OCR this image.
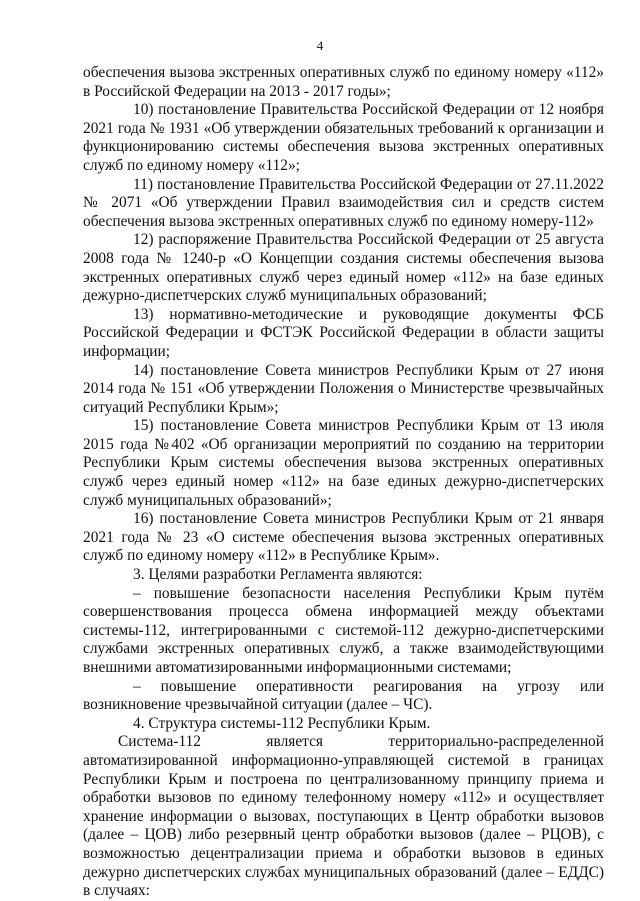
4

обеспечения вызова экстренных оперативных служб по единому номеру «112» в Российской Федерации на 2013 - 2017 годы»;

10) постановление Правительства Российской Федерации от 12 ноября 2021 года № 1931 «Об утверждении обязательных требований к организации и функционированию системы обеспечения вызова экстренных оперативных служб по единому номеру «112»;

11) постановление Правительства Российской Федерации от 27.11.2022 № 2071 «Об утверждении Правил взаимодействия сил и средств систем обеспечения вызова экстренных оперативных служб по единому номеру-112»

12) распоряжение Правительства Российской Федерации от 25 августа 2008 года № 1240-р «О Концепции создания системы обеспечения вызова экстренных оперативных служб через единый номер «112» на базе единых дежурно-диспетчерских служб муниципальных образований;

13) нормативно-методические и руководящие документы ФСБ Российской Федерации и ФСТЭК Российской Федерации в области защиты информации;

14) постановление Совета министров Республики Крым от 27 июня 2014 года № 151 «Об утверждении Положения о Министерстве чрезвычайных ситуаций Республики Крым»;

15) постановление Совета министров Республики Крым от 13 июля 2015 года №402 «Об организации мероприятий по созданию на территории Республики Крым системы обеспечения вызова экстренных оперативных служб через единый номер «112» на базе единых дежурно-диспетчерских служб муниципальных образований»;

16) постановление Совета министров Республики Крым от 21 января 2021 года № 23 «О системе обеспечения вызова экстренных оперативных служб по единому номеру «112» в Республике Крым».

3. Целями разработки Регламента являются:

– повышение безопасности населения Республики Крым путём совершенствования процесса обмена информацией между объектами системы-112, интегрированными с системой-112 дежурно-диспетчерскими службами экстренных оперативных служб, а также взаимодействующими внешними автоматизированными информационными системами;

– повышение оперативности реагирования на угрозу или возникновение чрезвычайной ситуации (далее – ЧС).

4. Структура системы-112 Республики Крым.

Система-112 является территориально-распределенной автоматизированной информационно-управляющей системой в границах Республики Крым и построена по централизованному принципу приема и обработки вызовов по единому телефонному номеру «112» и осуществляет хранение информации о вызовах, поступающих в Центр обработки вызовов (далее – ЦОВ) либо резервный центр обработки вызовов (далее – РЦОВ), с возможностью децентрализации приема и обработки вызовов в единых дежурно диспетчерских службах муниципальных образований (далее – ЕДДС) в случаях:
